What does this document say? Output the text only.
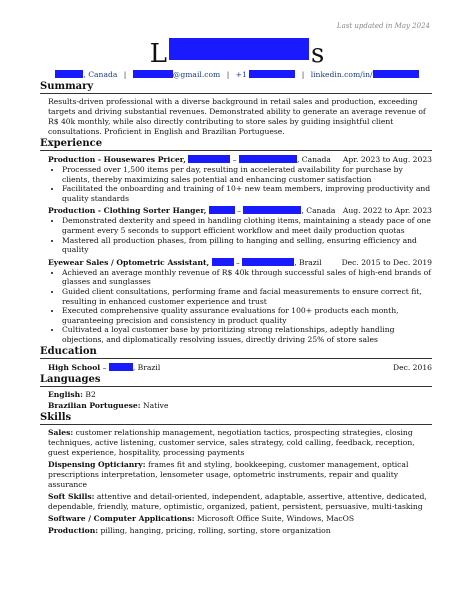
Last updated in May 2024
L	s
, Canada |	@gmail.com | +1	| linkedin.com/in/
Summary

Results-driven professional with a diverse background in retail sales and production, exceeding targets and driving substantial revenues. Demonstrated ability to generate an average revenue of R$ 40k monthly, while also directly contributing to store sales by guiding insightful client consultations. Proficient in English and Brazilian Portuguese.

Experience
Production - Housewares Pricer,	–	, Canada Apr. 2023 to Aug. 2023
• Processed over 1,500 items per day, resulting in accelerated availability for purchase by clients, thereby maximizing sales potential and enhancing customer satisfaction
• Facilitated the onboarding and training of 10+ new team members, improving productivity and quality standards
Production - Clothing Sorter Hanger,	–	, Canada Aug. 2022 to Apr. 2023
• Demonstrated dexterity and speed in handling clothing items, maintaining a steady pace of one garment every 5 seconds to support efficient workflow and meet daily production quotas
• Mastered all production phases, from pilling to hanging and selling, ensuring efficiency and quality
Eyewear Sales / Optometric Assistant,	–	, Brazil	Dec. 2015 to Dec. 2019
• Achieved an average monthly revenue of R$ 40k through successful sales of high-end brands of glasses and sunglasses
• Guided client consultations, performing frame and facial measurements to ensure correct fit, resulting in enhanced customer experience and trust
• Executed comprehensive quality assurance evaluations for 100+ products each month, guaranteeing precision and consistency in product quality
• Cultivated a loyal customer base by prioritizing strong relationships, adeptly handling objections, and diplomatically resolving issues, directly driving 25% of store sales
Education
High School –	, Brazil	Dec. 2016
Languages
English: B2
Brazilian Portuguese: Native
Skills
Sales: customer relationship management, negotiation tactics, prospecting strategies, closing techniques, active listening, customer service, sales strategy, cold calling, feedback, reception, guest experience, hospitality, processing payments
Dispensing Opticianry: frames fit and styling, bookkeeping, customer management, optical prescriptions interpretation, lensometer usage, optometric instruments, repair and quality assurance
Soft Skills: attentive and detail-oriented, independent, adaptable, assertive, attentive, dedicated, dependable, friendly, mature, optimistic, organized, patient, persistent, persuasive, multi-tasking
Software / Computer Applications: Microsoft Office Suite, Windows, MacOS
Production: pilling, hanging, pricing, rolling, sorting, store organization
